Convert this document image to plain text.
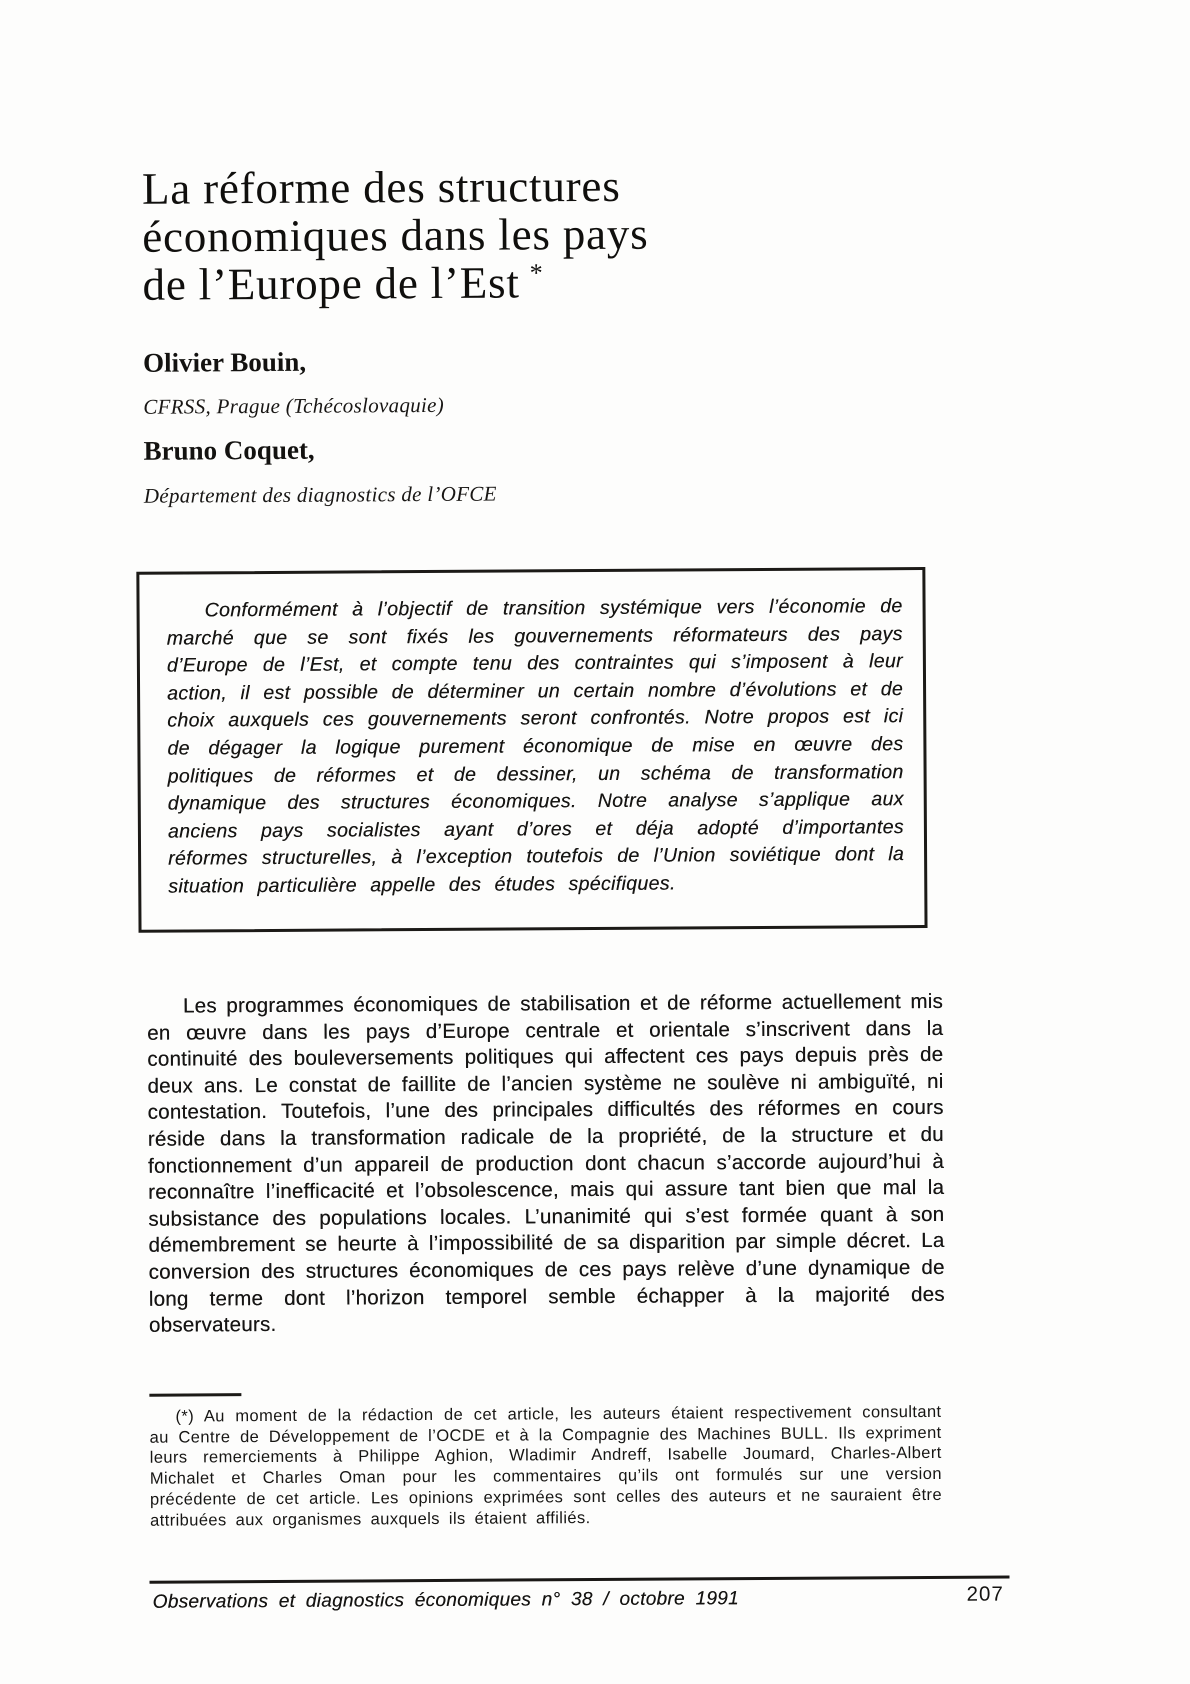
La réforme des structures
économiques dans les pays
de l’Europe de l’Est *

Olivier Bouin,

CFRSS, Prague (Tchécoslovaquie)

Bruno Coquet,

Département des diagnostics de l’OFCE

Conformément à l’objectif de transition systémique vers l’économie de marché que se sont fixés les gouvernements réformateurs des pays d’Europe de l’Est, et compte tenu des contraintes qui s’imposent à leur action, il est possible de déterminer un certain nombre d’évolutions et de choix auxquels ces gouvernements seront confrontés. Notre propos est ici de dégager la logique purement économique de mise en œuvre des politiques de réformes et de dessiner, un schéma de transformation dynamique des structures économiques. Notre analyse s’applique aux anciens pays socialistes ayant d’ores et déja adopté d’importantes réformes structurelles, à l’exception toutefois de l’Union soviétique dont la situation particulière appelle des études spécifiques.

Les programmes économiques de stabilisation et de réforme actuellement mis en œuvre dans les pays d’Europe centrale et orientale s’inscrivent dans la continuité des bouleversements politiques qui affectent ces pays depuis près de deux ans. Le constat de faillite de l’ancien système ne soulève ni ambiguïté, ni contestation. Toutefois, l’une des principales difficultés des réformes en cours réside dans la transformation radicale de la propriété, de la structure et du fonctionnement d’un appareil de production dont chacun s’accorde aujourd’hui à reconnaître l’inefficacité et l’obsolescence, mais qui assure tant bien que mal la subsistance des populations locales. L’unanimité qui s’est formée quant à son démembrement se heurte à l’impossibilité de sa disparition par simple décret. La conversion des structures économiques de ces pays relève d’une dynamique de long terme dont l’horizon temporel semble échapper à la majorité des observateurs.

(*) Au moment de la rédaction de cet article, les auteurs étaient respectivement consultant au Centre de Développement de l’OCDE et à la Compagnie des Machines BULL. Ils expriment leurs remerciements à Philippe Aghion, Wladimir Andreff, Isabelle Joumard, Charles-Albert Michalet et Charles Oman pour les commentaires qu’ils ont formulés sur une version précédente de cet article. Les opinions exprimées sont celles des auteurs et ne sauraient être attribuées aux organismes auxquels ils étaient affiliés.

Observations et diagnostics économiques n° 38 / octobre 1991	207
